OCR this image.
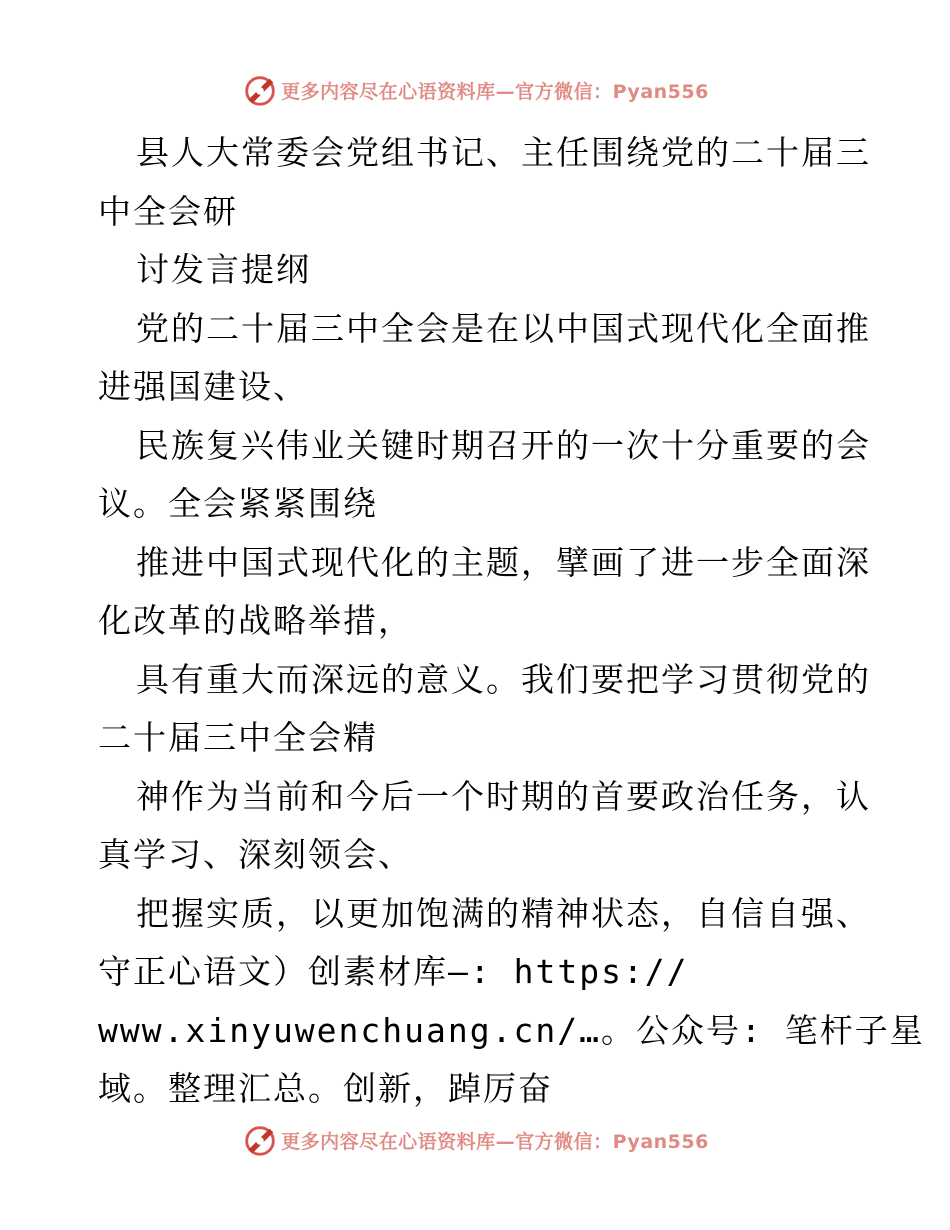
更多内容尽在心语资料库—官方微信：Pyan556
县人大常委会党组书记、主任围绕党的二十届三
中全会研
讨发言提纲
党的二十届三中全会是在以中国式现代化全面推
进强国建设、
民族复兴伟业关键时期召开的一次十分重要的会
议。全会紧紧围绕
推进中国式现代化的主题，擘画了进一步全面深
化改革的战略举措，
具有重大而深远的意义。我们要把学习贯彻党的
二十届三中全会精
神作为当前和今后一个时期的首要政治任务，认
真学习、深刻领会、
把握实质，以更加饱满的精神状态，自信自强、
守正心语文）创素材库—: https://
www.xinyuwenchuang.cn/…。公众号: 笔杆子星
域。整理汇总。创新，踔厉奋
更多内容尽在心语资料库—官方微信：Pyan556
